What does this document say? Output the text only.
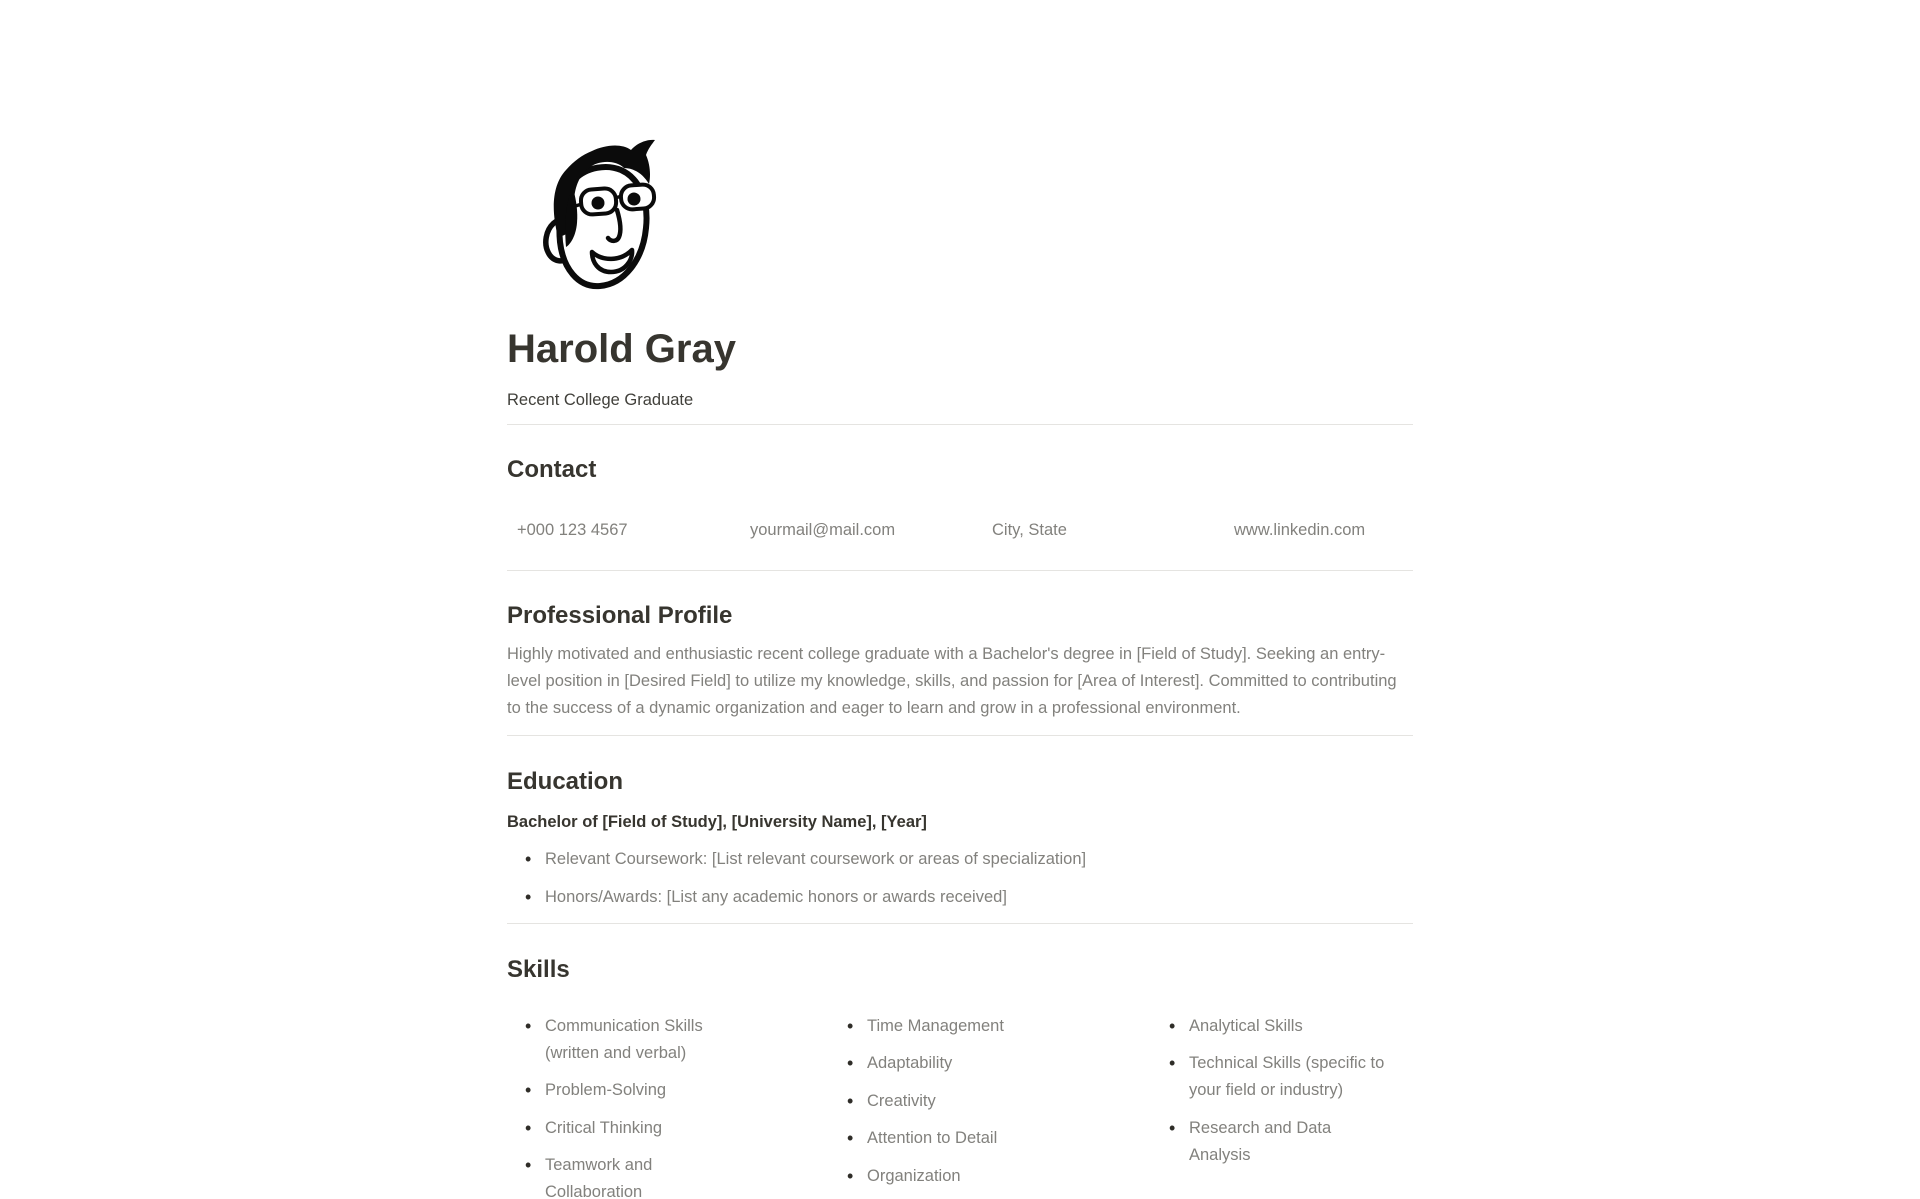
Harold Gray

Recent College Graduate

Contact
+000 123 4567	yourmail@mail.com	City, State	www.linkedin.com
Professional Profile

Highly motivated and enthusiastic recent college graduate with a Bachelor's degree in [Field of Study]. Seeking an entry-level position in [Desired Field] to utilize my knowledge, skills, and passion for [Area of Interest]. Committed to contributing to the success of a dynamic organization and eager to learn and grow in a professional environment.

Education

Bachelor of [Field of Study], [University Name], [Year]

• Relevant Coursework: [List relevant coursework or areas of specialization]
• Honors/Awards: [List any academic honors or awards received]
Skills
• Communication Skills (written and verbal)
• Problem-Solving
• Critical Thinking
• Teamwork and Collaboration
• Time Management
• Adaptability
• Creativity
• Attention to Detail
• Organization
• Analytical Skills
• Technical Skills (specific to your field or industry)
• Research and Data Analysis
